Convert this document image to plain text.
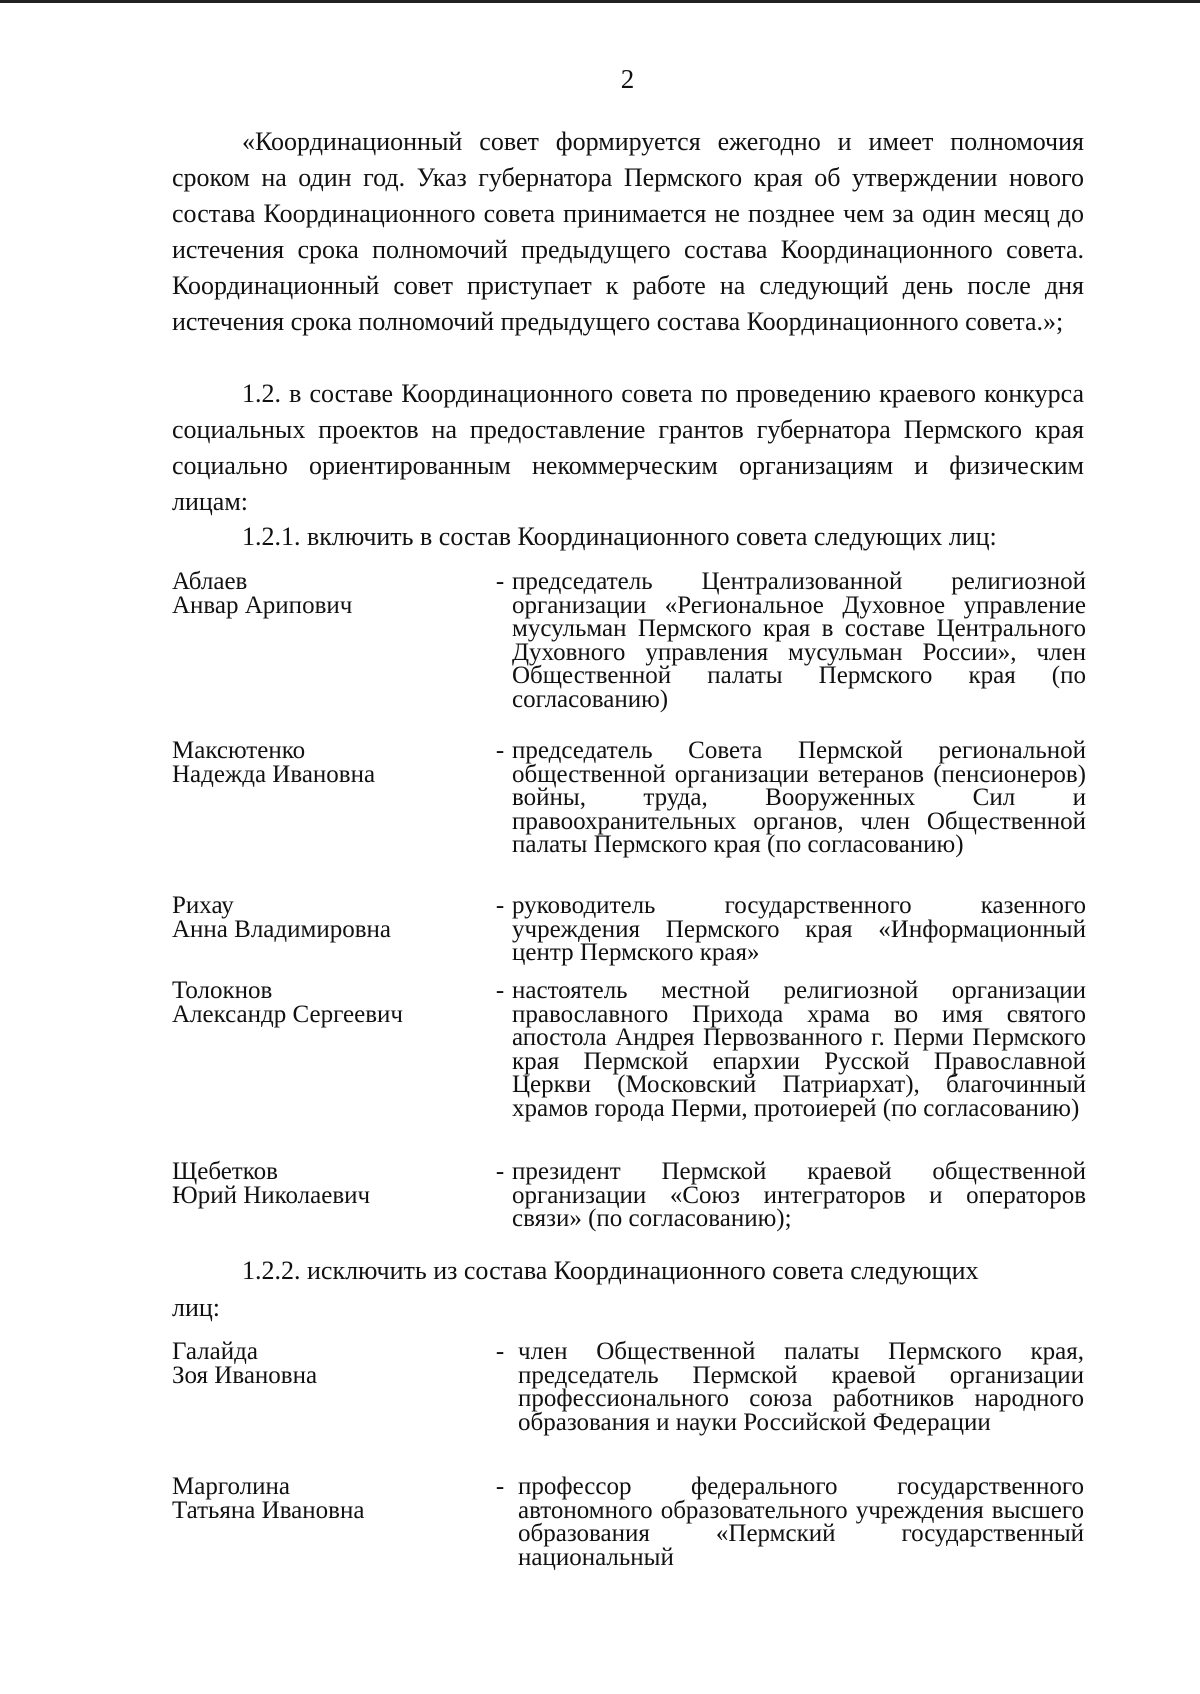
2

«Координационный совет формируется ежегодно и имеет полномочия сроком на один год. Указ губернатора Пермского края об утверждении нового состава Координационного совета принимается не позднее чем за один месяц до истечения срока полномочий предыдущего состава Координационного совета. Координационный совет приступает к работе на следующий день после дня истечения срока полномочий предыдущего состава Координационного совета.»;

1.2. в составе Координационного совета по проведению краевого конкурса социальных проектов на предоставление грантов губернатора Пермского края социально ориентированным некоммерческим организациям и физическим лицам:

1.2.1. включить в состав Координационного совета следующих лиц:

Аблаев
Анвар Арипович
- председатель Централизованной религиозной организации «Региональное Духовное управление мусульман Пермского края в составе Центрального Духовного управления мусульман России», член Общественной палаты Пермского края (по согласованию)
Максютенко
Надежда Ивановна
- председатель Совета Пермской региональной общественной организации ветеранов (пенсионеров) войны, труда, Вооруженных Сил и правоохранительных органов, член Общественной палаты Пермского края (по согласованию)
Рихау
Анна Владимировна
- руководитель государственного казенного учреждения Пермского края «Информационный центр Пермского края»
Толокнов
Александр Сергеевич
- настоятель местной религиозной организации православного Прихода храма во имя святого апостола Андрея Первозванного г. Перми Пермского края Пермской епархии Русской Православной Церкви (Московский Патриархат), благочинный храмов города Перми, протоиерей (по согласованию)
Щебетков
Юрий Николаевич
- президент Пермской краевой общественной организации «Союз интеграторов и операторов связи» (по согласованию);

1.2.2. исключить из состава Координационного совета следующих

лиц:

Галайда
Зоя Ивановна
- член Общественной палаты Пермского края, председатель Пермской краевой организации профессионального союза работников народного образования и науки Российской Федерации
Марголина
Татьяна Ивановна
- профессор федерального государственного автономного образовательного учреждения высшего образования «Пермский государственный национальный
